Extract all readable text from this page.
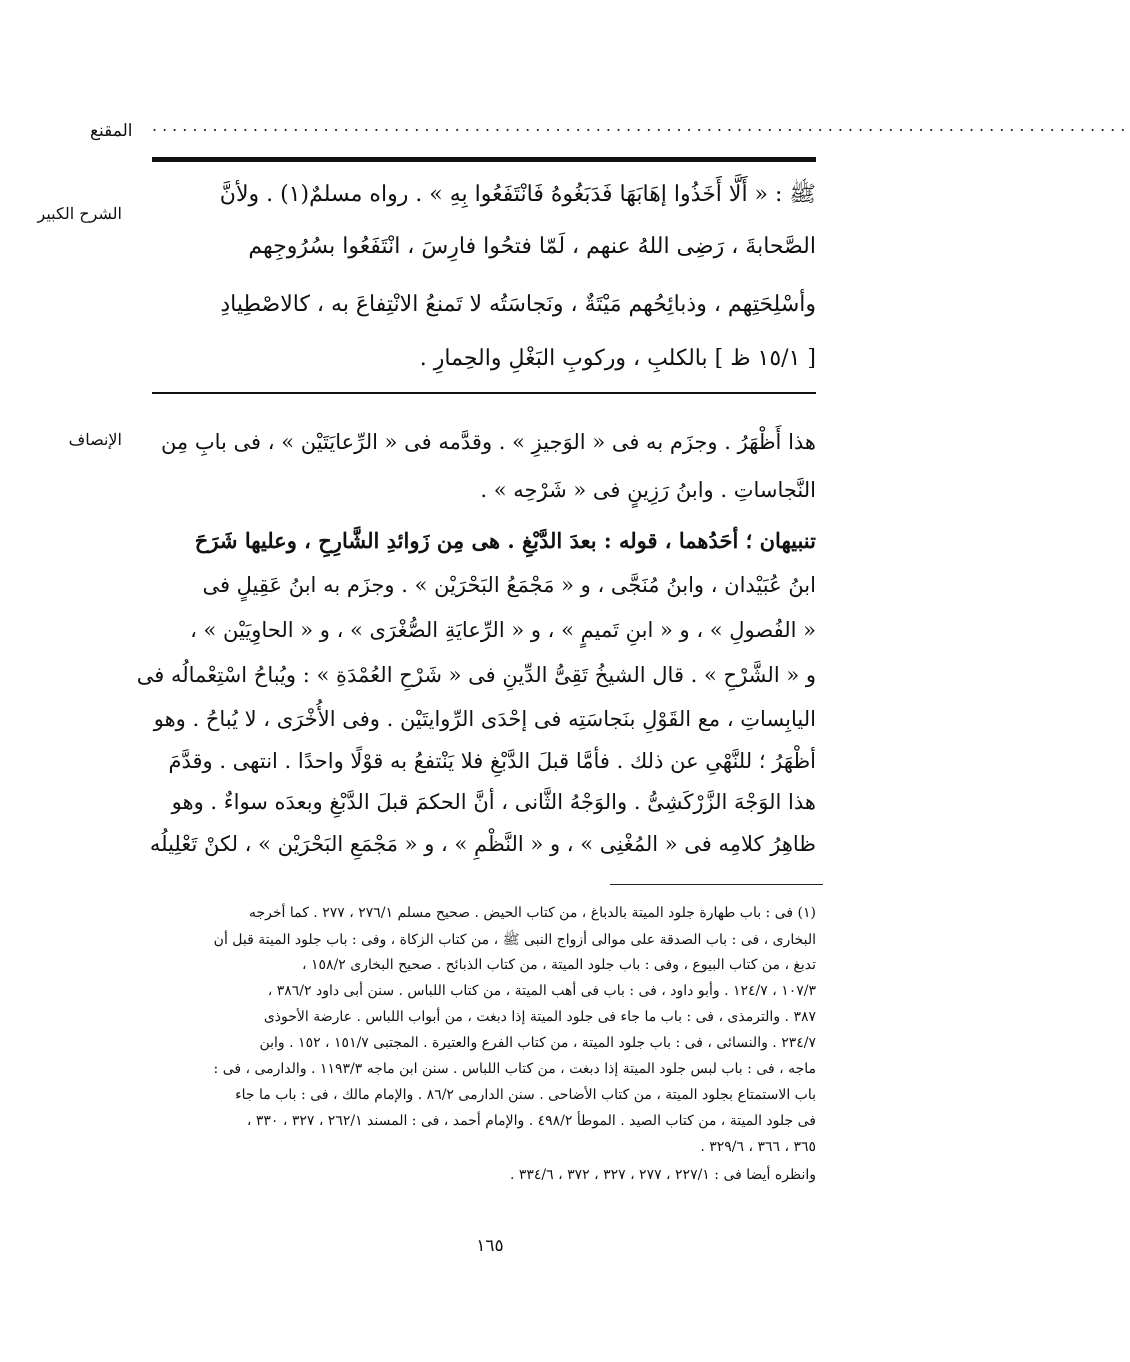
المقنع .................................................................................................
الشرح الكبير
الإنصاف
ﷺ : « أَلَّا أَخَذُوا إهَابَهَا فَدَبَغُوهُ فَانْتَفَعُوا بِهِ » . رواه مسلمٌ(١) . ولأنَّ
الصَّحابةَ ، رَضِى اللهُ عنهم ، لَمّا فتحُوا فارِسَ ، انْتَفَعُوا بسُرُوجِهم
وأسْلِحَتِهم ، وذبائِحُهم مَيْتَةٌ ، ونَجاسَتُه لا تَمنعُ الانْتِفاعَ به ، كالاصْطِيادِ
[ ١٥/١ ظ ] بالكلبِ ، وركوبِ البَغْلِ والحِمارِ .
هذا أَظْهَرُ . وجزَم به فى « الوَجيزِ » . وقدَّمه فى « الرِّعايَتَيْن » ، فى بابِ مِن
النَّجاساتِ . وابنُ رَزِينٍ فى « شَرْحِه » .
تنبيهان ؛ أحَدُهما ، قوله : بعدَ الدَّبْغِ . هى مِن زَوائدِ الشَّارِحِ ، وعليها شَرَحَ
ابنُ عُبَيْدان ، وابنُ مُنَجَّى ، و « مَجْمَعُ البَحْرَيْن » . وجزَم به ابنُ عَقِيلٍ فى
« الفُصولِ » ، و « ابنِ تَميمٍ » ، و « الرِّعايَةِ الصُّغْرَى » ، و « الحاوِيَيْن » ،
و « الشَّرْحِ » . قال الشيخُ تَقِىُّ الدِّينِ فى « شَرْحِ العُمْدَةِ » : ويُباحُ اسْتِعْمالُه فى
اليابِساتِ ، مع القَوْلِ بنَجاسَتِه فى إحْدَى الرِّوايتَيْن . وفى الأُخْرَى ، لا يُباحُ . وهو
أظْهَرُ ؛ للنَّهْىِ عن ذلك . فأمَّا قبلَ الدَّبْغِ فلا يَنْتفعُ به قوْلًا واحدًا . انتهى . وقدَّمَ
هذا الوَجْهَ الزَّرْكَشِىُّ . والوَجْهُ الثَّانى ، أنَّ الحكمَ قبلَ الدَّبْغِ وبعدَه سواءٌ . وهو
ظاهِرُ كلامِه فى « المُغْنِى » ، و « النَّظْمِ » ، و « مَجْمَعِ البَحْرَيْن » ، لكنْ تَعْلِيلُه
(١) فى : باب طهارة جلود الميتة بالدباغ ، من كتاب الحيض . صحيح مسلم ٢٧٦/١ ، ٢٧٧ . كما أخرجه
البخارى ، فى : باب الصدقة على موالى أزواج النبى ﷺ ، من كتاب الزكاة ، وفى : باب جلود الميتة قبل أن
تدبغ ، من كتاب البيوع ، وفى : باب جلود الميتة ، من كتاب الذبائح . صحيح البخارى ١٥٨/٢ ،
١٠٧/٣ ، ١٢٤/٧ . وأبو داود ، فى : باب فى أهب الميتة ، من كتاب اللباس . سنن أبى داود ٣٨٦/٢ ،
٣٨٧ . والترمذى ، فى : باب ما جاء فى جلود الميتة إذا دبغت ، من أبواب اللباس . عارضة الأحوذى
٢٣٤/٧ . والنسائى ، فى : باب جلود الميتة ، من كتاب الفرع والعتيرة . المجتبى ١٥١/٧ ، ١٥٢ . وابن
ماجه ، فى : باب لبس جلود الميتة إذا دبغت ، من كتاب اللباس . سنن ابن ماجه ١١٩٣/٣ . والدارمى ، فى :
باب الاستمتاع بجلود الميتة ، من كتاب الأضاحى . سنن الدارمى ٨٦/٢ . والإمام مالك ، فى : باب ما جاء
فى جلود الميتة ، من كتاب الصيد . الموطأ ٤٩٨/٢ . والإمام أحمد ، فى : المسند ٢٦٢/١ ، ٣٢٧ ، ٣٣٠ ،
٣٦٥ ، ٣٦٦ ، ٣٢٩/٦ .
وانظره أيضا فى : ٢٢٧/١ ، ٢٧٧ ، ٣٢٧ ، ٣٧٢ ، ٣٣٤/٦ .
١٦٥
